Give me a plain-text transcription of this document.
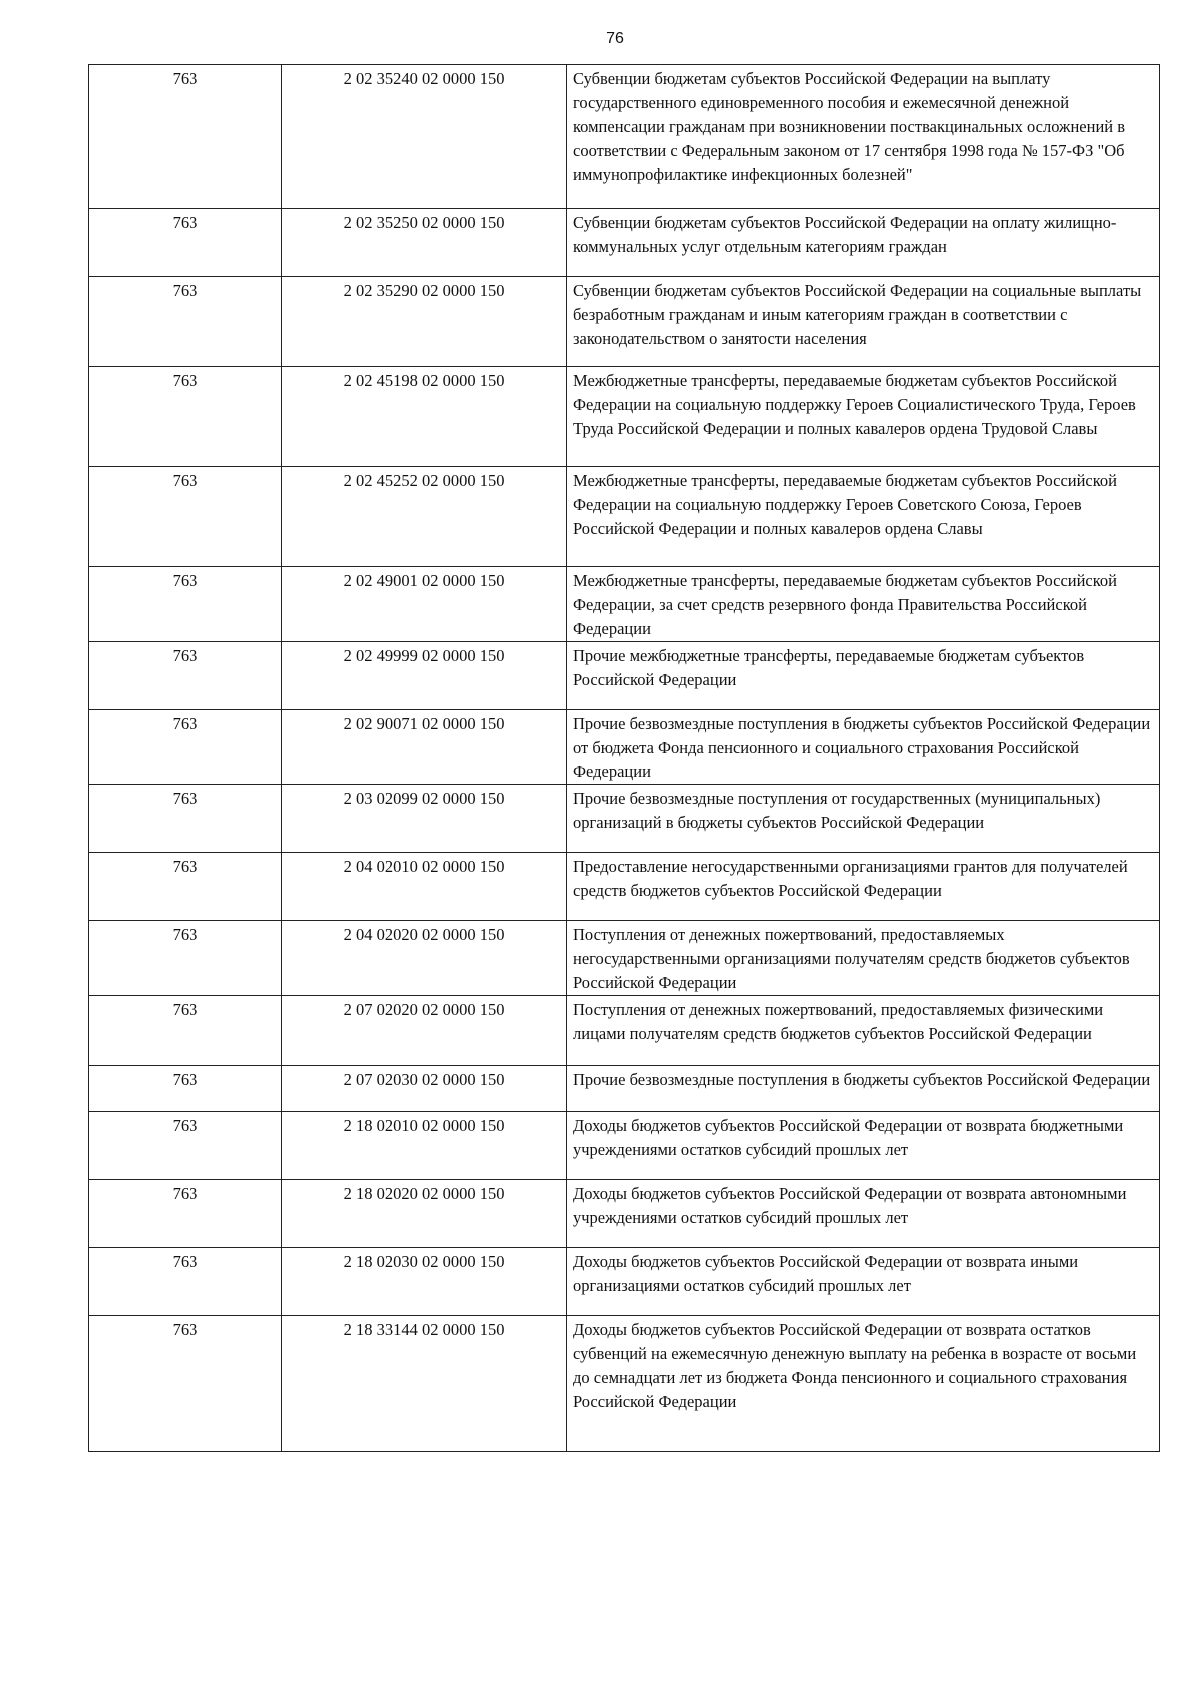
76
763	2 02 35240 02 0000 150	Субвенции бюджетам субъектов Российской Федерации на выплату государственного единовременного пособия и ежемесячной денежной компенсации гражданам при возникновении поствакцинальных осложнений в соответствии с Федеральным законом от 17 сентября 1998 года № 157-ФЗ "Об иммунопрофилактике инфекционных болезней"
763	2 02 35250 02 0000 150	Субвенции бюджетам субъектов Российской Федерации на оплату жилищно-коммунальных услуг отдельным категориям граждан
763	2 02 35290 02 0000 150	Субвенции бюджетам субъектов Российской Федерации на социальные выплаты безработным гражданам и иным категориям граждан в соответствии с законодательством о занятости населения
763	2 02 45198 02 0000 150	Межбюджетные трансферты, передаваемые бюджетам субъектов Российской Федерации на социальную поддержку Героев Социалистического Труда, Героев Труда Российской Федерации и полных кавалеров ордена Трудовой Славы
763	2 02 45252 02 0000 150	Межбюджетные трансферты, передаваемые бюджетам субъектов Российской Федерации на социальную поддержку Героев Советского Союза, Героев Российской Федерации и полных кавалеров ордена Славы
763	2 02 49001 02 0000 150	Межбюджетные трансферты, передаваемые бюджетам субъектов Российской Федерации, за счет средств резервного фонда Правительства Российской Федерации
763	2 02 49999 02 0000 150	Прочие межбюджетные трансферты, передаваемые бюджетам субъектов Российской Федерации
763	2 02 90071 02 0000 150	Прочие безвозмездные поступления в бюджеты субъектов Российской Федерации от бюджета Фонда пенсионного и социального страхования Российской Федерации
763	2 03 02099 02 0000 150	Прочие безвозмездные поступления от государственных (муниципальных) организаций в бюджеты субъектов Российской Федерации
763	2 04 02010 02 0000 150	Предоставление негосударственными организациями грантов для получателей средств бюджетов субъектов Российской Федерации
763	2 04 02020 02 0000 150	Поступления от денежных пожертвований, предоставляемых негосударственными организациями получателям средств бюджетов субъектов Российской Федерации
763	2 07 02020 02 0000 150	Поступления от денежных пожертвований, предоставляемых физическими лицами получателям средств бюджетов субъектов Российской Федерации
763	2 07 02030 02 0000 150	Прочие безвозмездные поступления в бюджеты субъектов Российской Федерации
763	2 18 02010 02 0000 150	Доходы бюджетов субъектов Российской Федерации от возврата бюджетными учреждениями остатков субсидий прошлых лет
763	2 18 02020 02 0000 150	Доходы бюджетов субъектов Российской Федерации от возврата автономными учреждениями остатков субсидий прошлых лет
763	2 18 02030 02 0000 150	Доходы бюджетов субъектов Российской Федерации от возврата иными организациями остатков субсидий прошлых лет
763	2 18 33144 02 0000 150	Доходы бюджетов субъектов Российской Федерации от возврата остатков субвенций на ежемесячную денежную выплату на ребенка в возрасте от восьми до семнадцати лет из бюджета Фонда пенсионного и социального страхования Российской Федерации
